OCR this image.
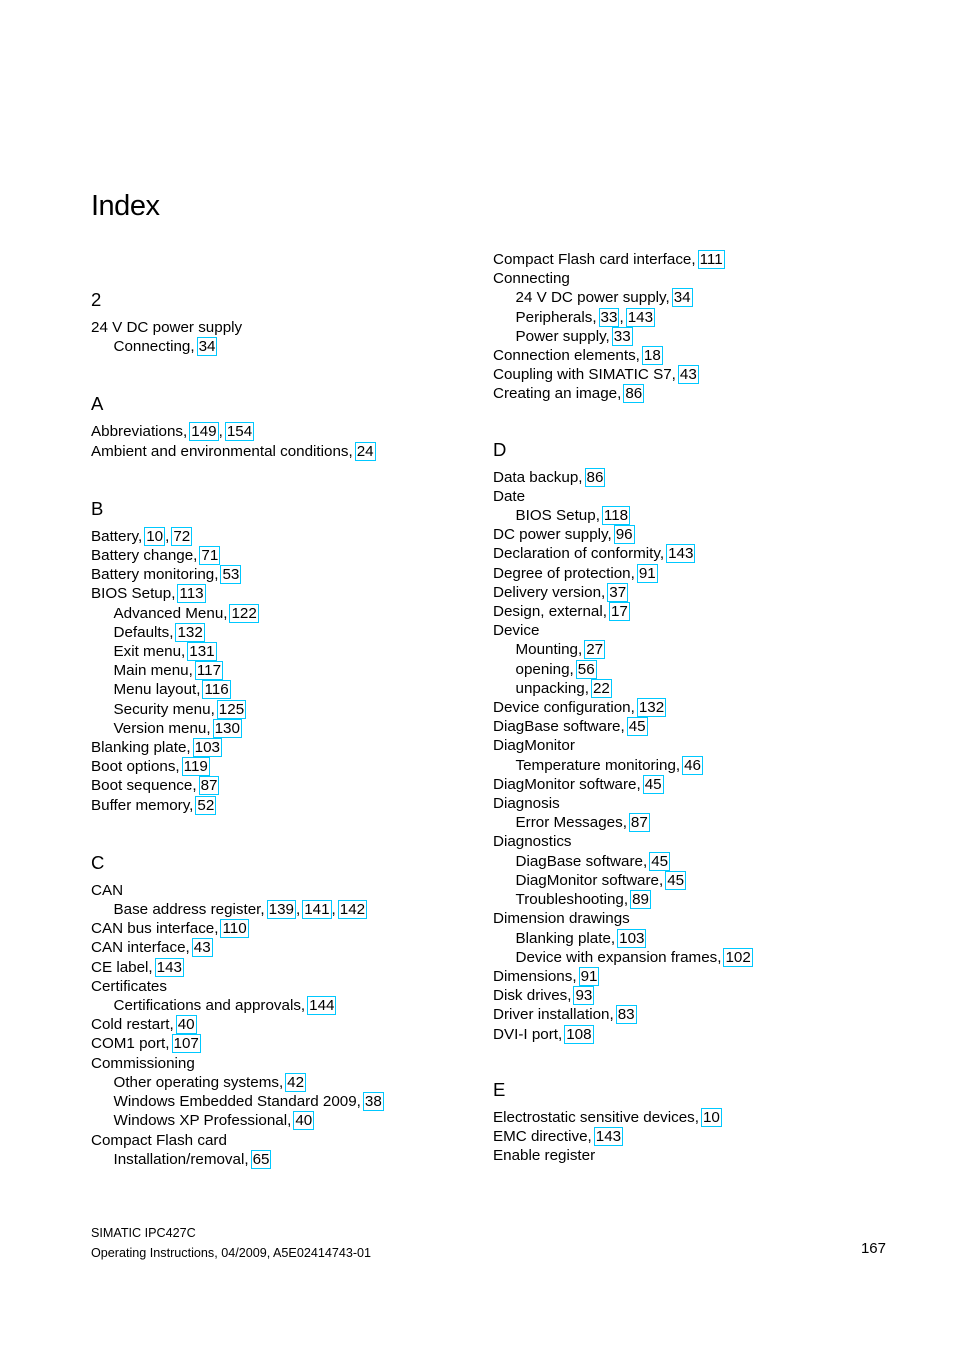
Index
2
24 V DC power supply
Connecting, 34
A
Abbreviations, 149 , 154
Ambient and environmental conditions, 24
B
Battery, 10 , 72
Battery change, 71
Battery monitoring, 53
BIOS Setup, 113
Advanced Menu, 122
Defaults, 132
Exit menu, 131
Main menu, 117
Menu layout, 116
Security menu, 125
Version menu, 130
Blanking plate, 103
Boot options, 119
Boot sequence, 87
Buffer memory, 52
C
CAN
Base address register, 139 , 141 , 142
CAN bus interface, 110
CAN interface, 43
CE label, 143
Certificates
Certifications and approvals, 144
Cold restart, 40
COM1 port, 107
Commissioning
Other operating systems, 42
Windows Embedded Standard 2009, 38
Windows XP Professional, 40
Compact Flash card
Installation/removal, 65
Compact Flash card interface, 111
Connecting
24 V DC power supply, 34
Peripherals, 33 , 143
Power supply, 33
Connection elements, 18
Coupling with SIMATIC S7, 43
Creating an image, 86
D
Data backup, 86
Date
BIOS Setup, 118
DC power supply, 96
Declaration of conformity, 143
Degree of protection, 91
Delivery version, 37
Design, external, 17
Device
Mounting, 27
opening, 56
unpacking, 22
Device configuration, 132
DiagBase software, 45
DiagMonitor
Temperature monitoring, 46
DiagMonitor software, 45
Diagnosis
Error Messages, 87
Diagnostics
DiagBase software, 45
DiagMonitor software, 45
Troubleshooting, 89
Dimension drawings
Blanking plate, 103
Device with expansion frames, 102
Dimensions, 91
Disk drives, 93
Driver installation, 83
DVI-I port, 108
E
Electrostatic sensitive devices, 10
EMC directive, 143
Enable register
SIMATIC IPC427C
Operating Instructions, 04/2009, A5E02414743-01	167
